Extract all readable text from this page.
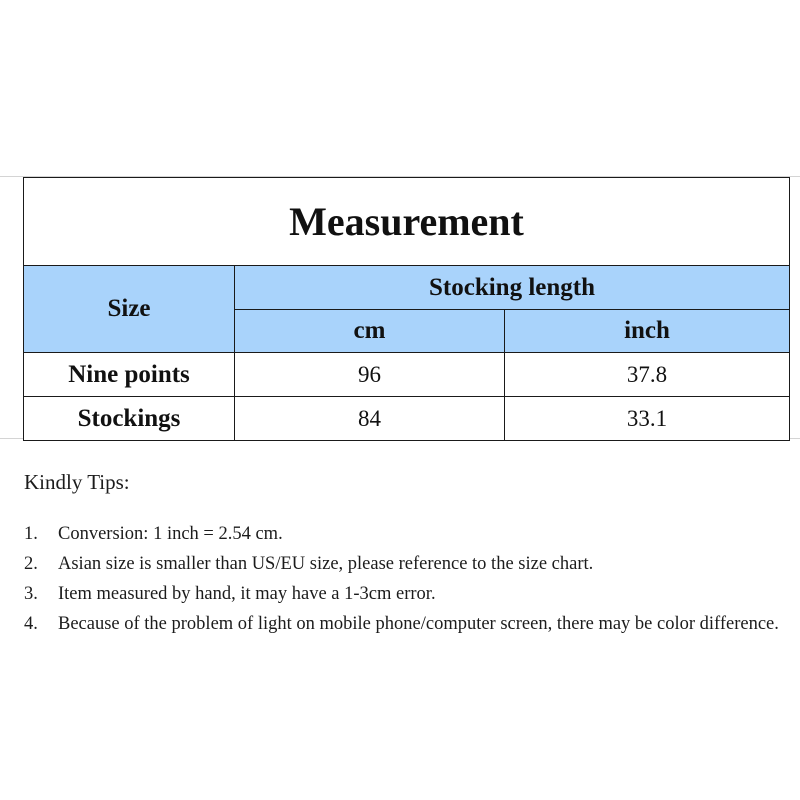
Measurement		
Size	Stocking length	
	cm	inch
Nine points	96	37.8
Stockings	84	33.1
Kindly Tips:
1.	Conversion: 1 inch = 2.54 cm.
2.	Asian size is smaller than US/EU size, please reference to the size chart.
3.	Item measured by hand, it may have a 1-3cm error.
4.	Because of the problem of light on mobile phone/computer screen, there may be color difference.
